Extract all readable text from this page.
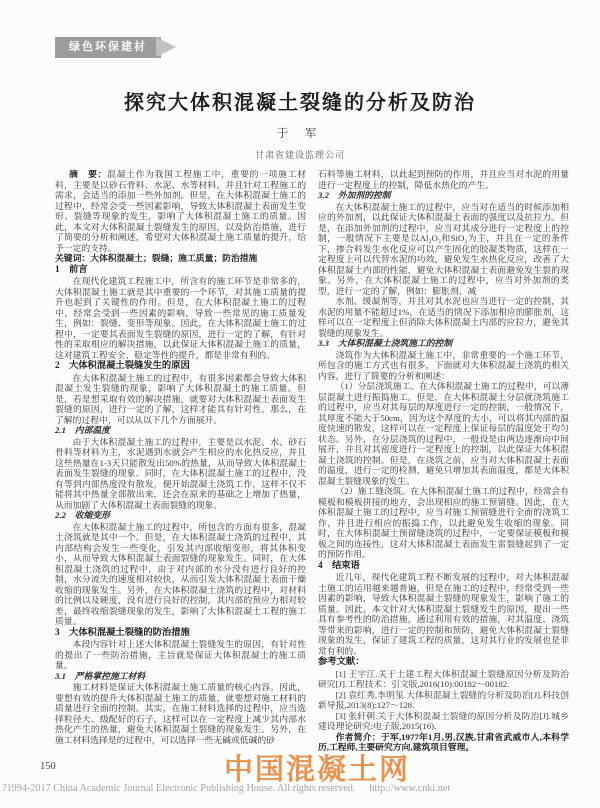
绿色环保建材
探究大体积混凝土裂缝的分析及防治
于 军
甘肃省建设监理公司
摘　要：混凝土作为我国工程施工中，重要的一项施工材料，主要是以砂石骨料、水泥、水等材料，并且针对工程施工的需求，会适当的添加一些外加剂。但是，在大体积混凝土施工的过程中，经常会受一些因素影响，导致大体积混凝土表面发生变形、裂缝等现象的发生，影响了大体积混凝土施工的质量。因此，本文对大体积混凝土裂缝发生的原因，以及防治措施，进行了简要的分析和阐述，希望对大体积混凝土施工质量的提升，给予一定的支持。
关键词：大体积混凝土；裂缝；施工质量；防治措施
1　前言
在现代化建筑工程施工中，所含有的施工环节是非常多的，大体积混凝土施工就是其中重要的一个环节，对其施工质量的提升也起到了关键性的作用。但是，在大体积混凝土施工的过程中，经常会受到一些因素的影响，导致一些常见的施工质量发生，例如：裂缝、变形等现象。因此，在大体积混凝土施工的过程中，一定要其表面发生裂缝的原因，进行一定的了解，有针对性的采取相应的解决措施，以此保证大体积混凝土施工的质量，这对建筑工程安全、稳定等性的提升，都是非常有利的。
2　大体积混凝土裂缝发生的原因
在大体积混凝土施工的过程中，有很多因素都会导致大体积混凝土发生裂缝的现象，影响了大体积混凝土的施工质量。但是，若是想采取有效的解决措施，就要对大体积混凝土表面发生裂缝的原因，进行一定的了解，这样才能具有针对性。那么，在了解的过程中，可以从以下几个方面展开。
2.1　内部温度
由于大体积混凝土施工的过程中，主要是以水泥、水、砂石骨料等材料为主，水泥遇到水就会产生相应的水化热反应，并且这些热量在1-3天只能散发出50%的热量，从而导致大体积混凝土表面发生裂缝的现象。同时，在大体积混凝土施工的过程中，没有等到内部热度没有散发，便开始混凝土浇筑工作，这样不仅不能将其中热量全部散出来，还会在原来的基础之上增加了热量，从而加剧了大体积混凝土表面裂缝的现象。
2.2　收缩变形
在大体积混凝土施工的过程中，所包含的方面有很多，混凝土浇筑就是其中一个。但是，在大体积混凝土浇筑的过程中，其内部结构会发生一些变化，引发其内部收缩变形，将其体积变小，从而导致大体积混凝土表面裂缝的现象发生。同时，在大体积混凝土浇筑的过程中，由于对内部的水分没有进行良好的控制，水分流失的速度相对较快，从而引发大体积混凝土表面干燥收缩的现象发生。另外，在大体积混凝土浇筑的过程中，对材料的比例以及硬度，没有进行良好的控制，其内部的预应力相对较差，最终收缩裂缝现象的发生，影响了大体积混凝土工程的施工质量。
3　大体积混凝土裂缝的防治措施
本段内容针对上述大体积混凝土裂缝发生的原因，有针对性的提出了一些防治措施，主旨就是保证大体积混凝土的施工质量。
3.1　严格掌控施工材料
施工材料是保证大体积混凝土施工质量的核心内容。因此，要想有效的提升大体积混凝土施工的质量，就要想对施工材料的质量进行全面的控制。其实，在施工材料选择的过程中，应当选择粒径大、级配好的石子，这样可以在一定程度上减少其内部水热化产生的热量，避免大体积混凝土裂缝的现象发生。另外，在施工材料选择是的过程中，可以选择一些无碱或低碱的砂
石料等施工材料，以此起到预防的作用，并且应当对水泥的用量进行一定程度上的控制，降低水热化的产生。
3.2　外加剂的控制
在大体积混凝土施工的过程中，应当对在适当的时候添加相应的外加剂，以此保证大体积混凝土表面的强度以及抗拉力。但是，在添加外加剂的过程中，应当对其成分进行一定程度上的控制，一般情况下主要是以Al₂O₃和SiO₂为主，并且在一定的条件下，掺合料发生水化反应可以产生固化的胶凝类物质，这样在一定程度上可以代替水泥的功效，避免发生水热化反应，改善了大体积混凝土内部的性能，避免大体积混凝土表面避免发生裂的现象。另外，在大体积混凝土施工的过程中，应当对外加剂的类型，进行一定的了解，例如：膨胀剂、减
水剂、缓凝剂等，并且对其水泥也应当进行一定的控制，其水泥的用量不能超过1%，在适当的情况下添加相应的膨胀剂，这样可以在一定程度上但消除大体积混凝土内部的应拉力，避免其裂缝的现象发生。
3.3　大体积混凝土浇筑施工的控制
浇筑作为大体积混凝土施工中，非常重要的一个施工环节，所包含的施工方式也有很多，下面就对大体积混凝土浇筑的相关内容，进行了简要的分析和阐述：
（1）分层浇筑施工。在大体积混凝土施工的过程中，可以薄层混凝土进行振捣施工。但是，在大体积混凝土分层就浇筑施工的过程中，应当对其每层的厚度进行一定的控制，一般情况下，其厚度不能大于50cm，因为这个厚度的大小，可以将其内部的温度快速的散发，这样可以在一定程度上保证每层的温度处于均匀状态。另外，在分层浇筑的过程中，一般设是由两边逐渐向中间展开，并且对其密度进行一定程度上的控制，以此保证大体积混凝土浇筑的控制。但是，在浇筑之前，应当对大体积混凝土表面的温度，进行一定的检测，避免只增加其表面温度，都是大体积混凝土裂缝现象的发生。
（2）施工缝浇筑。在大体积混凝土施工的过程中，经常会有模板和模板拼接的地方，会出现相应的施工预留缝。因此，在大体积混凝土施工的过程中，应当对施工预留缝进行全面的浇筑工作，并且进行相应的振捣工作，以此避免发生收缩的现象。同时，在大体积混凝土预留缝浇筑的过程中，一定要保证模板和模板之间的连接性，这对大体积混凝土表面发生雷裂缝起到了一定的预防作用。
4　结束语
近几年，现代化建筑工程不断发展的过程中，对大体积混凝土施工的运用越来越普遍，但是在施工的过程中，经常受到一些因素的影响，导致大体积混凝土裂缝的现象发生，影响了施工的质量。因此，本文针对大体积混凝土裂缝发生的原因，提出一些具有参考性的防治措施，通过利用有效的措施，对其温度、浇筑等带来的影响，进行一定的控制和预防，避免大体积混凝土裂缝现象的发生，保证了建筑工程的质量，这对其行业的发展也是非常有利的。
参考文献：
[1] 王宇江.关于土建工程大体积混凝土裂缝原因分析及防治研究[J].工程技术：引文版,2016(10):00182～00182.
[2] 袁红秀,李明玺.大体积混凝土裂缝的分析及防治[J].科技创新导报,2013(8):127～128.
[3] 张轩朝.关于大体积混凝土裂缝的原因分析及防治[J].城乡建设理论研究:电子版,2015(16).
作者简介：于军,1977年1月,男,汉族,甘肃省武威市人,本科学历,工程师,主要研究方向,建筑项目管理。
150	中国混凝土网
?1994-2017 China Academic Journal Electronic Publishing House. All rights reserved. http://www.cnki.net
